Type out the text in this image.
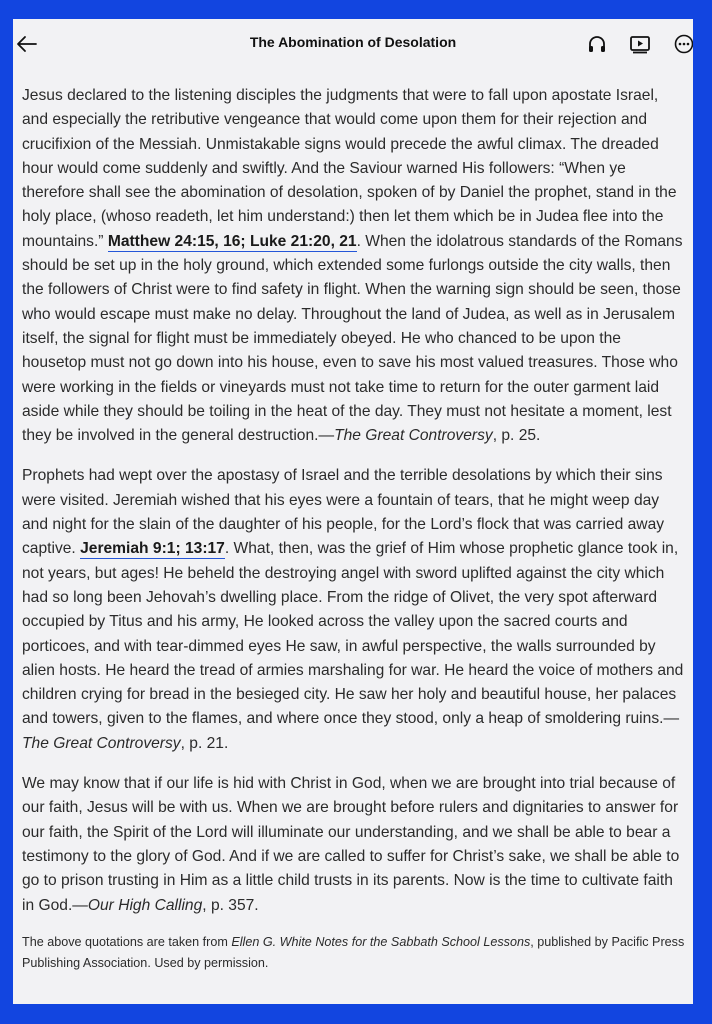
The Abomination of Desolation

Jesus declared to the listening disciples the judgments that were to fall upon apostate Israel, and especially the retributive vengeance that would come upon them for their rejection and crucifixion of the Messiah. Unmistakable signs would precede the awful climax. The dreaded hour would come suddenly and swiftly. And the Saviour warned His followers: “When ye therefore shall see the abomination of desolation, spoken of by Daniel the prophet, stand in the holy place, (whoso readeth, let him understand:) then let them which be in Judea flee into the mountains.” Matthew 24:15, 16; Luke 21:20, 21. When the idolatrous standards of the Romans should be set up in the holy ground, which extended some furlongs outside the city walls, then the followers of Christ were to find safety in flight. When the warning sign should be seen, those who would escape must make no delay. Throughout the land of Judea, as well as in Jerusalem itself, the signal for flight must be immediately obeyed. He who chanced to be upon the housetop must not go down into his house, even to save his most valued treasures. Those who were working in the fields or vineyards must not take time to return for the outer garment laid aside while they should be toiling in the heat of the day. They must not hesitate a moment, lest they be involved in the general destruction.—The Great Controversy, p. 25.

Prophets had wept over the apostasy of Israel and the terrible desolations by which their sins were visited. Jeremiah wished that his eyes were a fountain of tears, that he might weep day and night for the slain of the daughter of his people, for the Lord’s flock that was carried away captive. Jeremiah 9:1; 13:17. What, then, was the grief of Him whose prophetic glance took in, not years, but ages! He beheld the destroying angel with sword uplifted against the city which had so long been Jehovah’s dwelling place. From the ridge of Olivet, the very spot afterward occupied by Titus and his army, He looked across the valley upon the sacred courts and porticoes, and with tear-dimmed eyes He saw, in awful perspective, the walls surrounded by alien hosts. He heard the tread of armies marshaling for war. He heard the voice of mothers and children crying for bread in the besieged city. He saw her holy and beautiful house, her palaces and towers, given to the flames, and where once they stood, only a heap of smoldering ruins.—The Great Controversy, p. 21.

We may know that if our life is hid with Christ in God, when we are brought into trial because of our faith, Jesus will be with us. When we are brought before rulers and dignitaries to answer for our faith, the Spirit of the Lord will illuminate our understanding, and we shall be able to bear a testimony to the glory of God. And if we are called to suffer for Christ’s sake, we shall be able to go to prison trusting in Him as a little child trusts in its parents. Now is the time to cultivate faith in God.—Our High Calling, p. 357.

The above quotations are taken from Ellen G. White Notes for the Sabbath School Lessons, published by Pacific Press Publishing Association. Used by permission.
